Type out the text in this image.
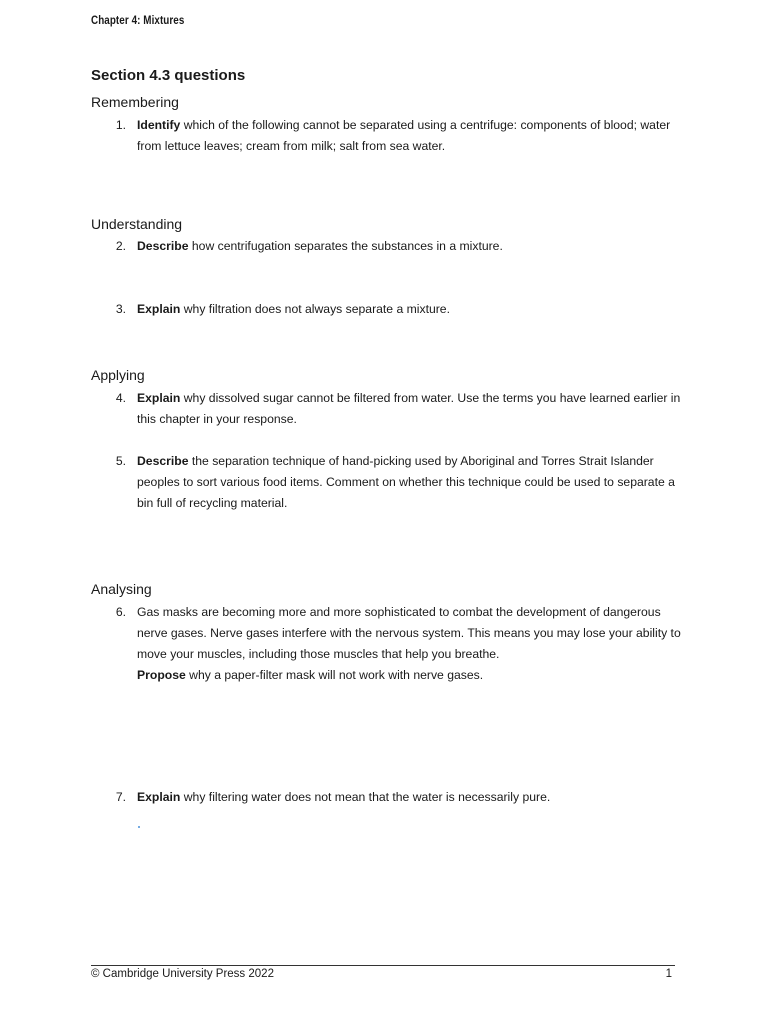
Chapter 4: Mixtures
Section 4.3 questions
Remembering
1. Identify which of the following cannot be separated using a centrifuge: components of blood; water from lettuce leaves; cream from milk; salt from sea water.
Understanding
2. Describe how centrifugation separates the substances in a mixture.
3. Explain why filtration does not always separate a mixture.
Applying
4. Explain why dissolved sugar cannot be filtered from water. Use the terms you have learned earlier in this chapter in your response.
5. Describe the separation technique of hand-picking used by Aboriginal and Torres Strait Islander peoples to sort various food items. Comment on whether this technique could be used to separate a bin full of recycling material.
Analysing
6. Gas masks are becoming more and more sophisticated to combat the development of dangerous nerve gases. Nerve gases interfere with the nervous system. This means you may lose your ability to move your muscles, including those muscles that help you breathe.
Propose why a paper-filter mask will not work with nerve gases.
7. Explain why filtering water does not mean that the water is necessarily pure.
© Cambridge University Press 2022	1
